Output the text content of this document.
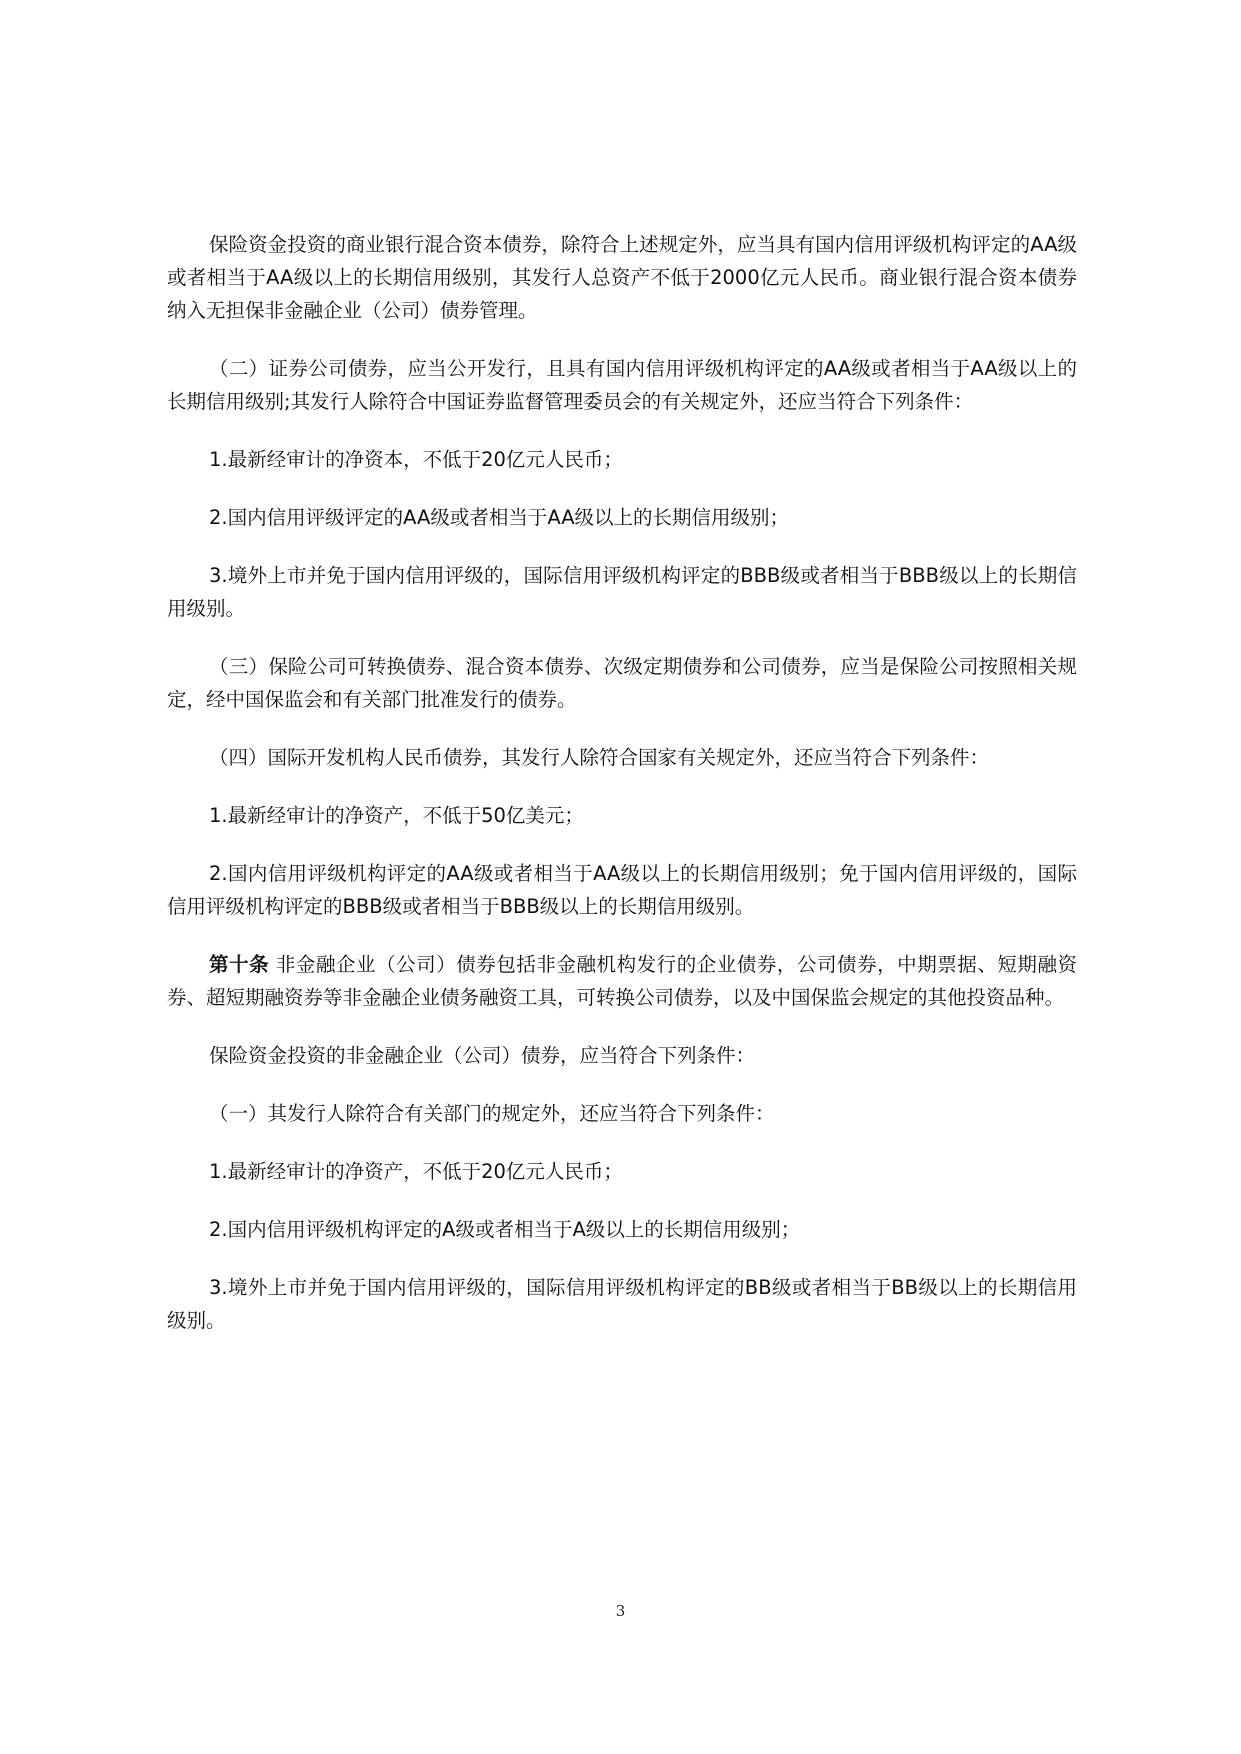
保险资金投资的商业银行混合资本债券，除符合上述规定外，应当具有国内信用评级机构评定的AA级或者相当于AA级以上的长期信用级别，其发行人总资产不低于2000亿元人民币。商业银行混合资本债券纳入无担保非金融企业（公司）债券管理。

（二）证券公司债券，应当公开发行，且具有国内信用评级机构评定的AA级或者相当于AA级以上的长期信用级别;其发行人除符合中国证券监督管理委员会的有关规定外，还应当符合下列条件：

1.最新经审计的净资本，不低于20亿元人民币；

2.国内信用评级评定的AA级或者相当于AA级以上的长期信用级别；

3.境外上市并免于国内信用评级的，国际信用评级机构评定的BBB级或者相当于BBB级以上的长期信用级别。

（三）保险公司可转换债券、混合资本债券、次级定期债券和公司债券，应当是保险公司按照相关规定，经中国保监会和有关部门批准发行的债券。

（四）国际开发机构人民币债券，其发行人除符合国家有关规定外，还应当符合下列条件：

1.最新经审计的净资产，不低于50亿美元；

2.国内信用评级机构评定的AA级或者相当于AA级以上的长期信用级别；免于国内信用评级的，国际信用评级机构评定的BBB级或者相当于BBB级以上的长期信用级别。

第十条 非金融企业（公司）债券包括非金融机构发行的企业债券，公司债券，中期票据、短期融资券、超短期融资券等非金融企业债务融资工具，可转换公司债券，以及中国保监会规定的其他投资品种。

保险资金投资的非金融企业（公司）债券，应当符合下列条件：

（一）其发行人除符合有关部门的规定外，还应当符合下列条件：

1.最新经审计的净资产，不低于20亿元人民币；

2.国内信用评级机构评定的A级或者相当于A级以上的长期信用级别；

3.境外上市并免于国内信用评级的，国际信用评级机构评定的BB级或者相当于BB级以上的长期信用级别。

3
